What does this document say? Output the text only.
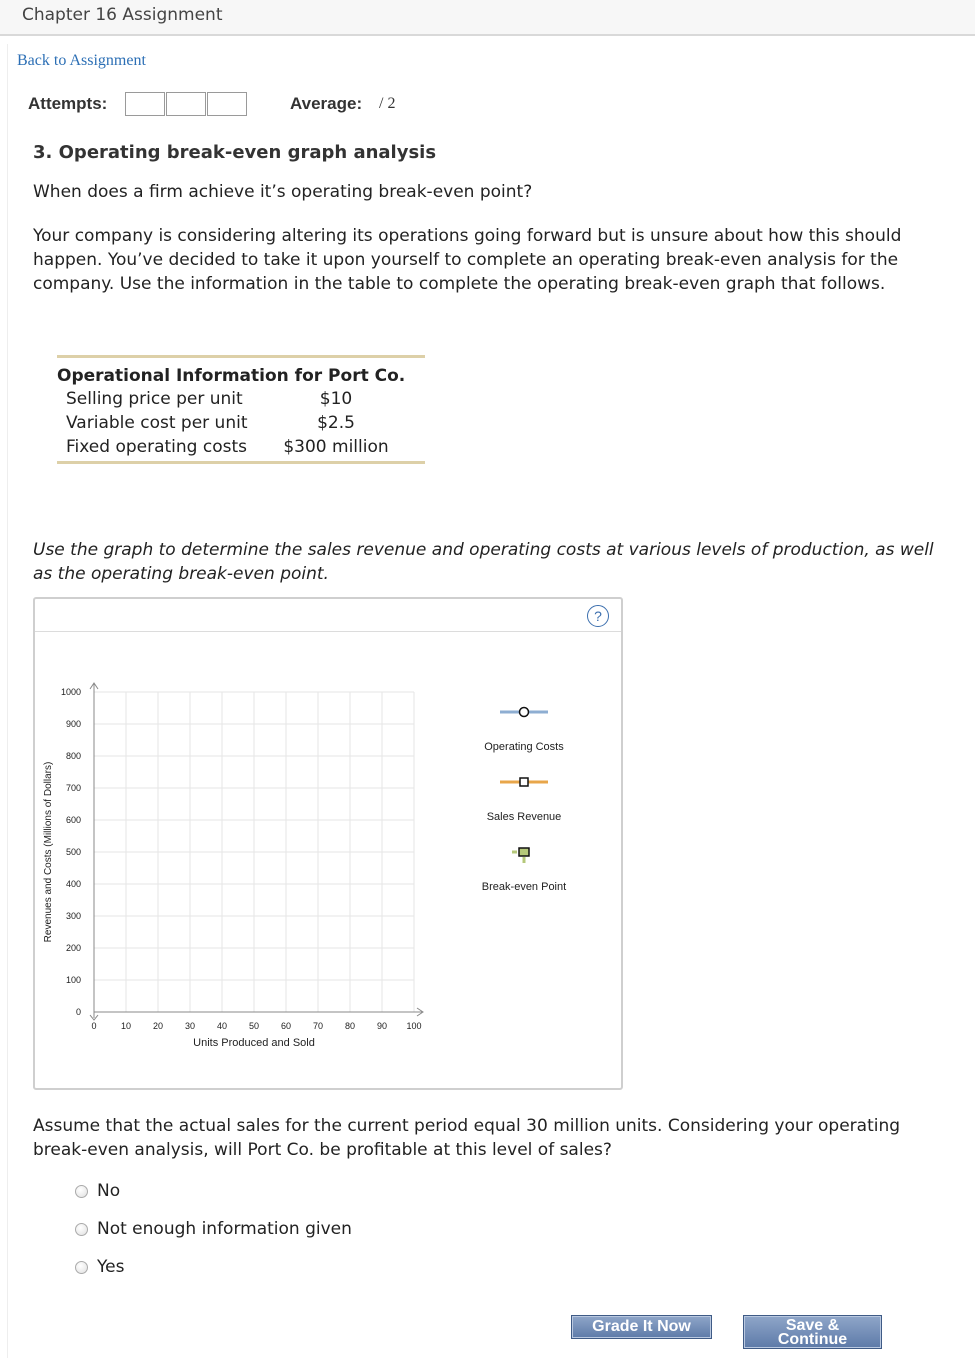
Chapter 16 Assignment
Back to Assignment
Attempts:	Average: / 2
3. Operating break-even graph analysis
When does a firm achieve it’s operating break-even point?
Your company is considering altering its operations going forward but is unsure about how this should happen. You’ve decided to take it upon yourself to complete an operating break-even analysis for the company. Use the information in the table to complete the operating break-even graph that follows.
Operational Information for Port Co.
Selling price per unit	$10
Variable cost per unit	$2.5
Fixed operating costs $300 million
Use the graph to determine the sales revenue and operating costs at various levels of production, as well as the operating break-even point.
?
0	10 20 30 40 50 60 70 80 90 100
0
100
200
300
400
500
600
700
800
900
1000
Units Produced and Sold
Revenues and Costs (Millions of Dollars)
Operating Costs
Sales Revenue
Break-even Point
Assume that the actual sales for the current period equal 30 million units. Considering your operating break-even analysis, will Port Co. be profitable at this level of sales?
No
Not enough information given
Yes
Grade It Now	Save &
Continue
